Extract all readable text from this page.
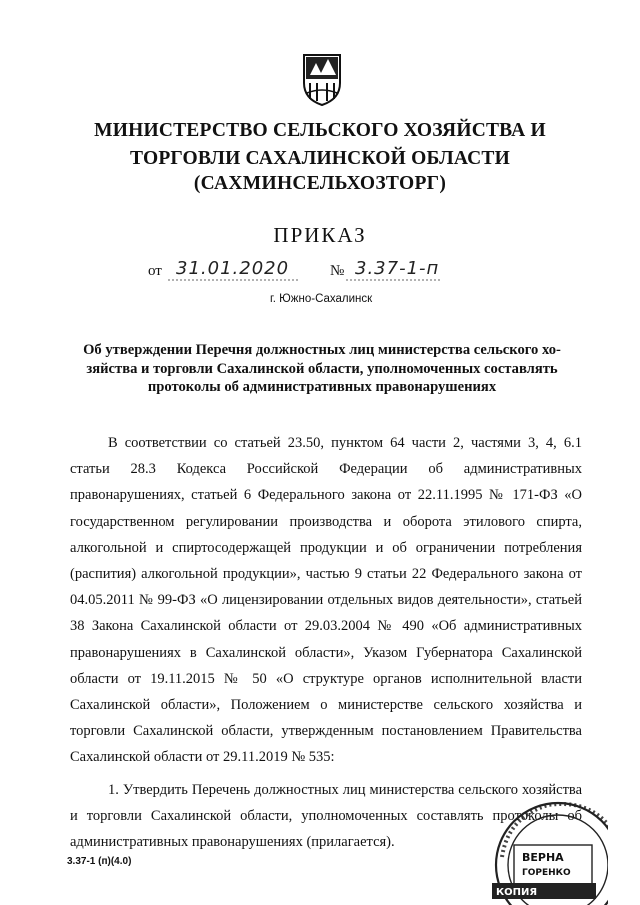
МИНИСТЕРСТВО СЕЛЬСКОГО ХОЗЯЙСТВА И
ТОРГОВЛИ САХАЛИНСКОЙ ОБЛАСТИ
(САХМИНСЕЛЬХОЗТОРГ)
ПРИКАЗ
от 31.01.2020	№ 3.37-1-п
г. Южно-Сахалинск
Об утверждении Перечня должностных лиц министерства сельского хо-
зяйства и торговли Сахалинской области, уполномоченных составлять
протоколы об административных правонарушениях

В соответствии со статьей 23.50, пунктом 64 части 2, частями 3, 4, 6.1 статьи 28.3 Кодекса Российской Федерации об административных правонарушениях, статьей 6 Федерального закона от 22.11.1995 № 171-ФЗ «О государственном регулировании производства и оборота этилового спирта, алкогольной и спиртосодержащей продукции и об ограничении потребления (распития) алкогольной продукции», частью 9 статьи 22 Федерального закона от 04.05.2011 № 99-ФЗ «О лицензировании отдельных видов деятельности», статьей 38 Закона Сахалинской области от 29.03.2004 № 490 «Об административных правонарушениях в Сахалинской области», Указом Губернатора Сахалинской области от 19.11.2015 № 50 «О структуре органов исполнительной власти Сахалинской области», Положением о министерстве сельского хозяйства и торговли Сахалинской области, утвержденным постановлением Правительства Сахалинской области от 29.11.2019 № 535:

1. Утвердить Перечень должностных лиц министерства сельского хозяйства и торговли Сахалинской области, уполномоченных составлять протоколы об административных правонарушениях (прилагается).

3.37-1 (п)(4.0)	ВЕРНА
ГОРЕНКО
КОПИЯ
